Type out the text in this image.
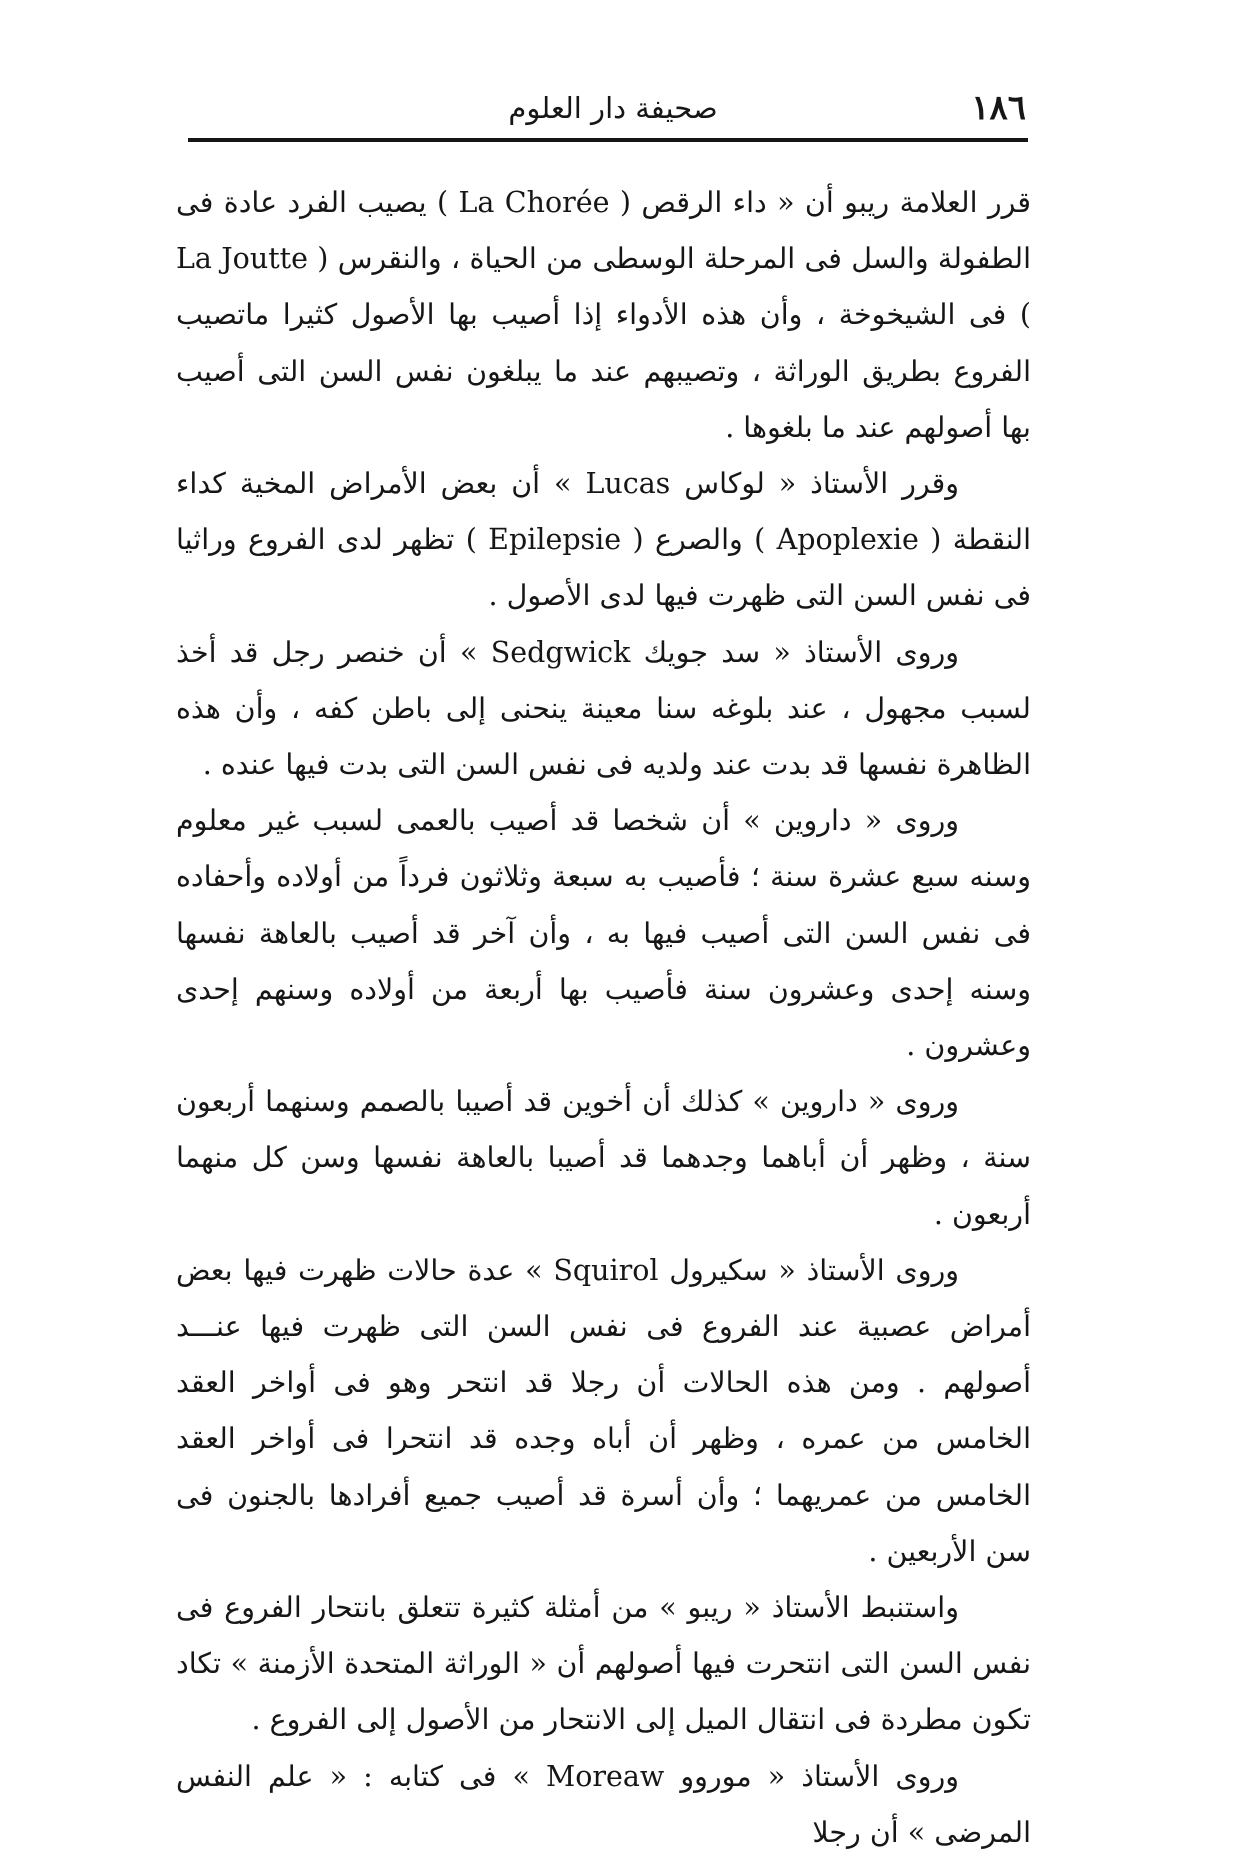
١٨٦
صحيفة دار العلوم

قرر العلامة ريبو أن « داء الرقص ( La Chorée ) يصيب الفرد عادة فى الطفولة والسل فى المرحلة الوسطى من الحياة ، والنقرس ( La Joutte ) فى الشيخوخة ، وأن هذه الأدواء إذا أصيب بها الأصول كثيرا ماتصيب الفروع بطريق الوراثة ، وتصيبهم عند ما يبلغون نفس السن التى أصيب بها أصولهم عند ما بلغوها .

وقرر الأستاذ « لوكاس Lucas » أن بعض الأمراض المخية كداء النقطة ( Apoplexie ) والصرع ( Epilepsie ) تظهر لدى الفروع وراثيا فى نفس السن التى ظهرت فيها لدى الأصول .

وروى الأستاذ « سد جويك Sedgwick » أن خنصر رجل قد أخذ لسبب مجهول ، عند بلوغه سنا معينة ينحنى إلى باطن كفه ، وأن هذه الظاهرة نفسها قد بدت عند ولديه فى نفس السن التى بدت فيها عنده .

وروى « داروين » أن شخصا قد أصيب بالعمى لسبب غير معلوم وسنه سبع عشرة سنة ؛ فأصيب به سبعة وثلاثون فرداً من أولاده وأحفاده فى نفس السن التى أصيب فيها به ، وأن آخر قد أصيب بالعاهة نفسها وسنه إحدى وعشرون سنة فأصيب بها أربعة من أولاده وسنهم إحدى وعشرون .

وروى « داروين » كذلك أن أخوين قد أصيبا بالصمم وسنهما أربعون سنة ، وظهر أن أباهما وجدهما قد أصيبا بالعاهة نفسها وسن كل منهما أربعون .

وروى الأستاذ « سكيرول Squirol » عدة حالات ظهرت فيها بعض أمراض عصبية عند الفروع فى نفس السن التى ظهرت فيها عنـــد أصولهم . ومن هذه الحالات أن رجلا قد انتحر وهو فى أواخر العقد الخامس من عمره ، وظهر أن أباه وجده قد انتحرا فى أواخر العقد الخامس من عمريهما ؛ وأن أسرة قد أصيب جميع أفرادها بالجنون فى سن الأربعين .

واستنبط الأستاذ « ريبو » من أمثلة كثيرة تتعلق بانتحار الفروع فى نفس السن التى انتحرت فيها أصولهم أن « الوراثة المتحدة الأزمنة » تكاد تكون مطردة فى انتقال الميل إلى الانتحار من الأصول إلى الفروع .

وروى الأستاذ « موروو Moreaw » فى كتابه : « علم النفس المرضى » أن رجلا
